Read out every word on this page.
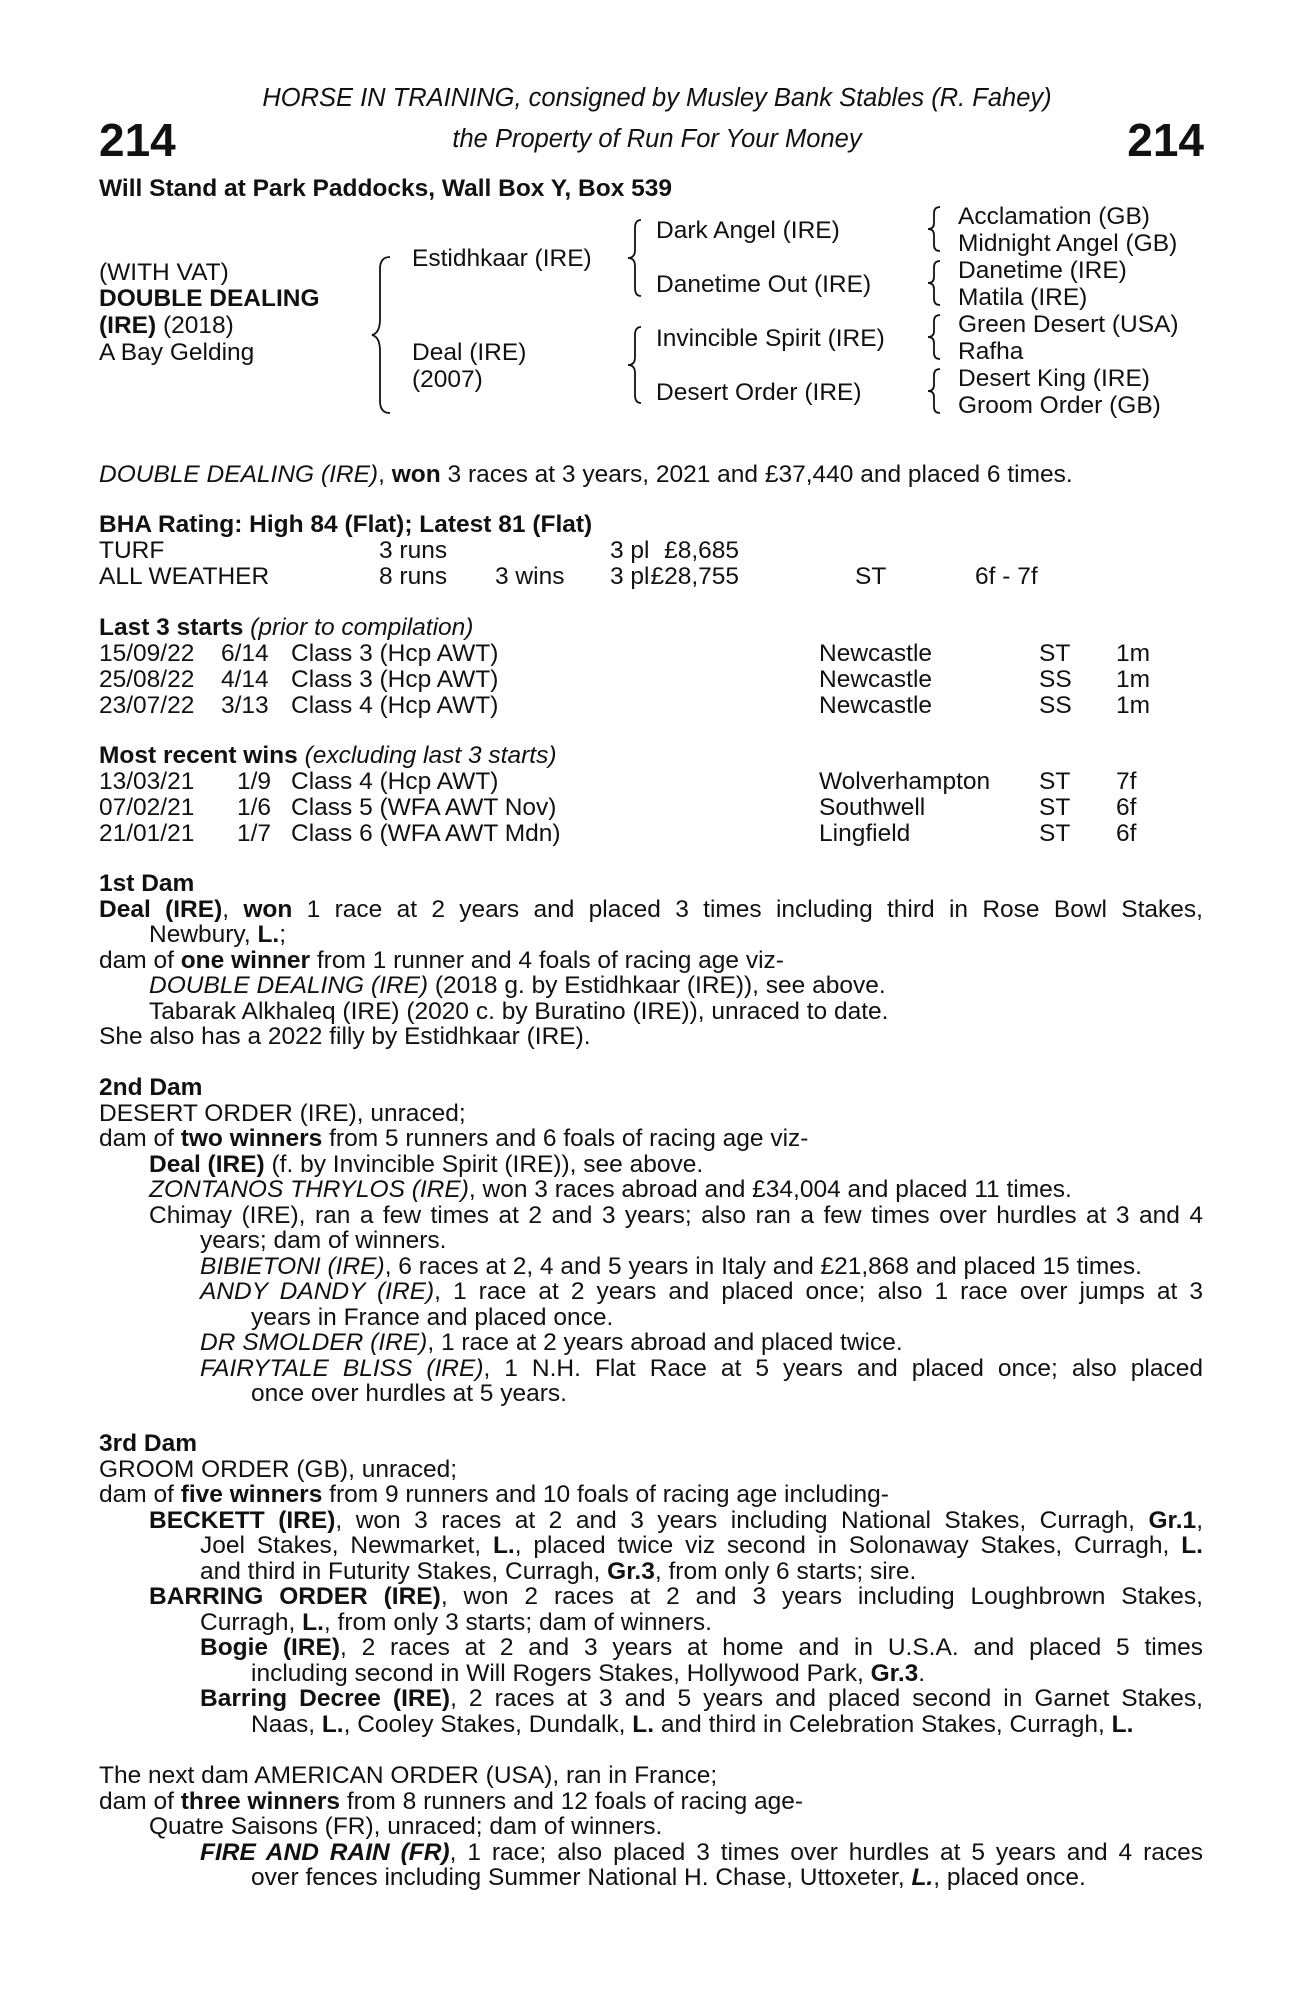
214	214
HORSE IN TRAINING, consigned by Musley Bank Stables (R. Fahey)
the Property of Run For Your Money
Will Stand at Park Paddocks, Wall Box Y, Box 539
(WITH VAT)
DOUBLE DEALING
(IRE) (2018)
A Bay Gelding
Estidhkaar (IRE)
Deal (IRE)
(2007)
Dark Angel (IRE)
Danetime Out (IRE)
Invincible Spirit (IRE)
Desert Order (IRE)
Acclamation (GB)
Midnight Angel (GB)
Danetime (IRE)
Matila (IRE)
Green Desert (USA)
Rafha
Desert King (IRE)
Groom Order (GB)
DOUBLE DEALING (IRE), won 3 races at 3 years, 2021 and £37,440 and placed 6 times.
BHA Rating: High 84 (Flat); Latest 81 (Flat)
TURF	3 runs	3 pl £8,685
ALL WEATHER	8 runs 3 wins 3 pl £28,755	ST	6f - 7f
Last 3 starts (prior to compilation)
15/09/22 6/14 Class 3 (Hcp AWT)	Newcastle	ST 1m
25/08/22 4/14 Class 3 (Hcp AWT)	Newcastle	SS 1m
23/07/22 3/13 Class 4 (Hcp AWT)	Newcastle	SS 1m
Most recent wins (excluding last 3 starts)
13/03/21 1/9 Class 4 (Hcp AWT)	Wolverhampton ST 7f
07/02/21 1/6 Class 5 (WFA AWT Nov)	Southwell	ST 6f
21/01/21 1/7 Class 6 (WFA AWT Mdn)	Lingfield	ST 6f

1st Dam

Deal (IRE), won 1 race at 2 years and placed 3 times including third in Rose Bowl Stakes,

Newbury, L.;

dam of one winner from 1 runner and 4 foals of racing age viz-

DOUBLE DEALING (IRE) (2018 g. by Estidhkaar (IRE)), see above.

Tabarak Alkhaleq (IRE) (2020 c. by Buratino (IRE)), unraced to date.

She also has a 2022 filly by Estidhkaar (IRE).

2nd Dam

DESERT ORDER (IRE), unraced;

dam of two winners from 5 runners and 6 foals of racing age viz-

Deal (IRE) (f. by Invincible Spirit (IRE)), see above.

ZONTANOS THRYLOS (IRE), won 3 races abroad and £34,004 and placed 11 times.

Chimay (IRE), ran a few times at 2 and 3 years; also ran a few times over hurdles at 3 and 4

years; dam of winners.

BIBIETONI (IRE), 6 races at 2, 4 and 5 years in Italy and £21,868 and placed 15 times.

ANDY DANDY (IRE), 1 race at 2 years and placed once; also 1 race over jumps at 3

years in France and placed once.

DR SMOLDER (IRE), 1 race at 2 years abroad and placed twice.

FAIRYTALE BLISS (IRE), 1 N.H. Flat Race at 5 years and placed once; also placed

once over hurdles at 5 years.

3rd Dam

GROOM ORDER (GB), unraced;

dam of five winners from 9 runners and 10 foals of racing age including-

BECKETT (IRE), won 3 races at 2 and 3 years including National Stakes, Curragh, Gr.1,

Joel Stakes, Newmarket, L., placed twice viz second in Solonaway Stakes, Curragh, L.

and third in Futurity Stakes, Curragh, Gr.3, from only 6 starts; sire.

BARRING ORDER (IRE), won 2 races at 2 and 3 years including Loughbrown Stakes,

Curragh, L., from only 3 starts; dam of winners.

Bogie (IRE), 2 races at 2 and 3 years at home and in U.S.A. and placed 5 times

including second in Will Rogers Stakes, Hollywood Park, Gr.3.

Barring Decree (IRE), 2 races at 3 and 5 years and placed second in Garnet Stakes,

Naas, L., Cooley Stakes, Dundalk, L. and third in Celebration Stakes, Curragh, L.

The next dam AMERICAN ORDER (USA), ran in France;

dam of three winners from 8 runners and 12 foals of racing age-

Quatre Saisons (FR), unraced; dam of winners.

FIRE AND RAIN (FR), 1 race; also placed 3 times over hurdles at 5 years and 4 races

over fences including Summer National H. Chase, Uttoxeter, L., placed once.
